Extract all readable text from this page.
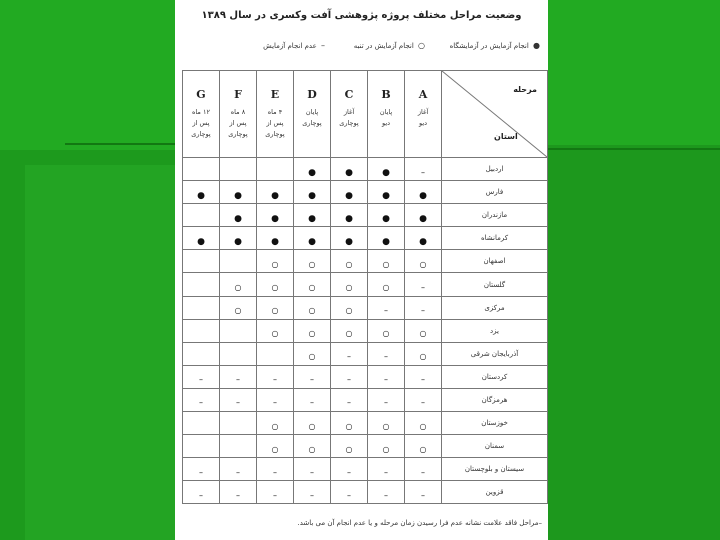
وضعیت مراحل مختلف پروژه پژوهشی آفت وکسری در سال ۱۳۸۹
● انجام آزمایش در آزمایشگاه
○ انجام آزمایش در تنبه
– عدم انجام آزمایش
G
۱۲ ماه
پس از
پوچاری	F
۸ ماه
پس از
پوچاری	E
۴ ماه
پس از
پوچاری	D
پایان
پوچاری	C
آغاز
پوچاری	B
پایان
دیو	A
آغاز
دیو	مرحله
استان

			●	●	●	–	اردبیل
●	●	●	●	●	●	●	فارس
	●	●	●	●	●	●	مازندران
●	●	●	●	●	●	●	کرمانشاه
		○	○	○	○	○	اصفهان
	○	○	○	○	○	–	گلستان
	○	○	○	○	–	–	مرکزی
		○	○	○	○	○	یزد
			○	–	–	○	آذربایجان شرقی
–	–	–	–	–	–	–	کردستان
–	–	–	–	–	–	–	هرمزگان
		○	○	○	○	○	خوزستان
		○	○	○	○	○	سمنان
–	–	–	–	–	–	–	سیستان و بلوچستان
–	–	–	–	–	–	–	قزوین
–مراحل فاقد علامت نشانه عدم فرا رسیدن زمان مرحله و یا عدم انجام آن می باشد.
